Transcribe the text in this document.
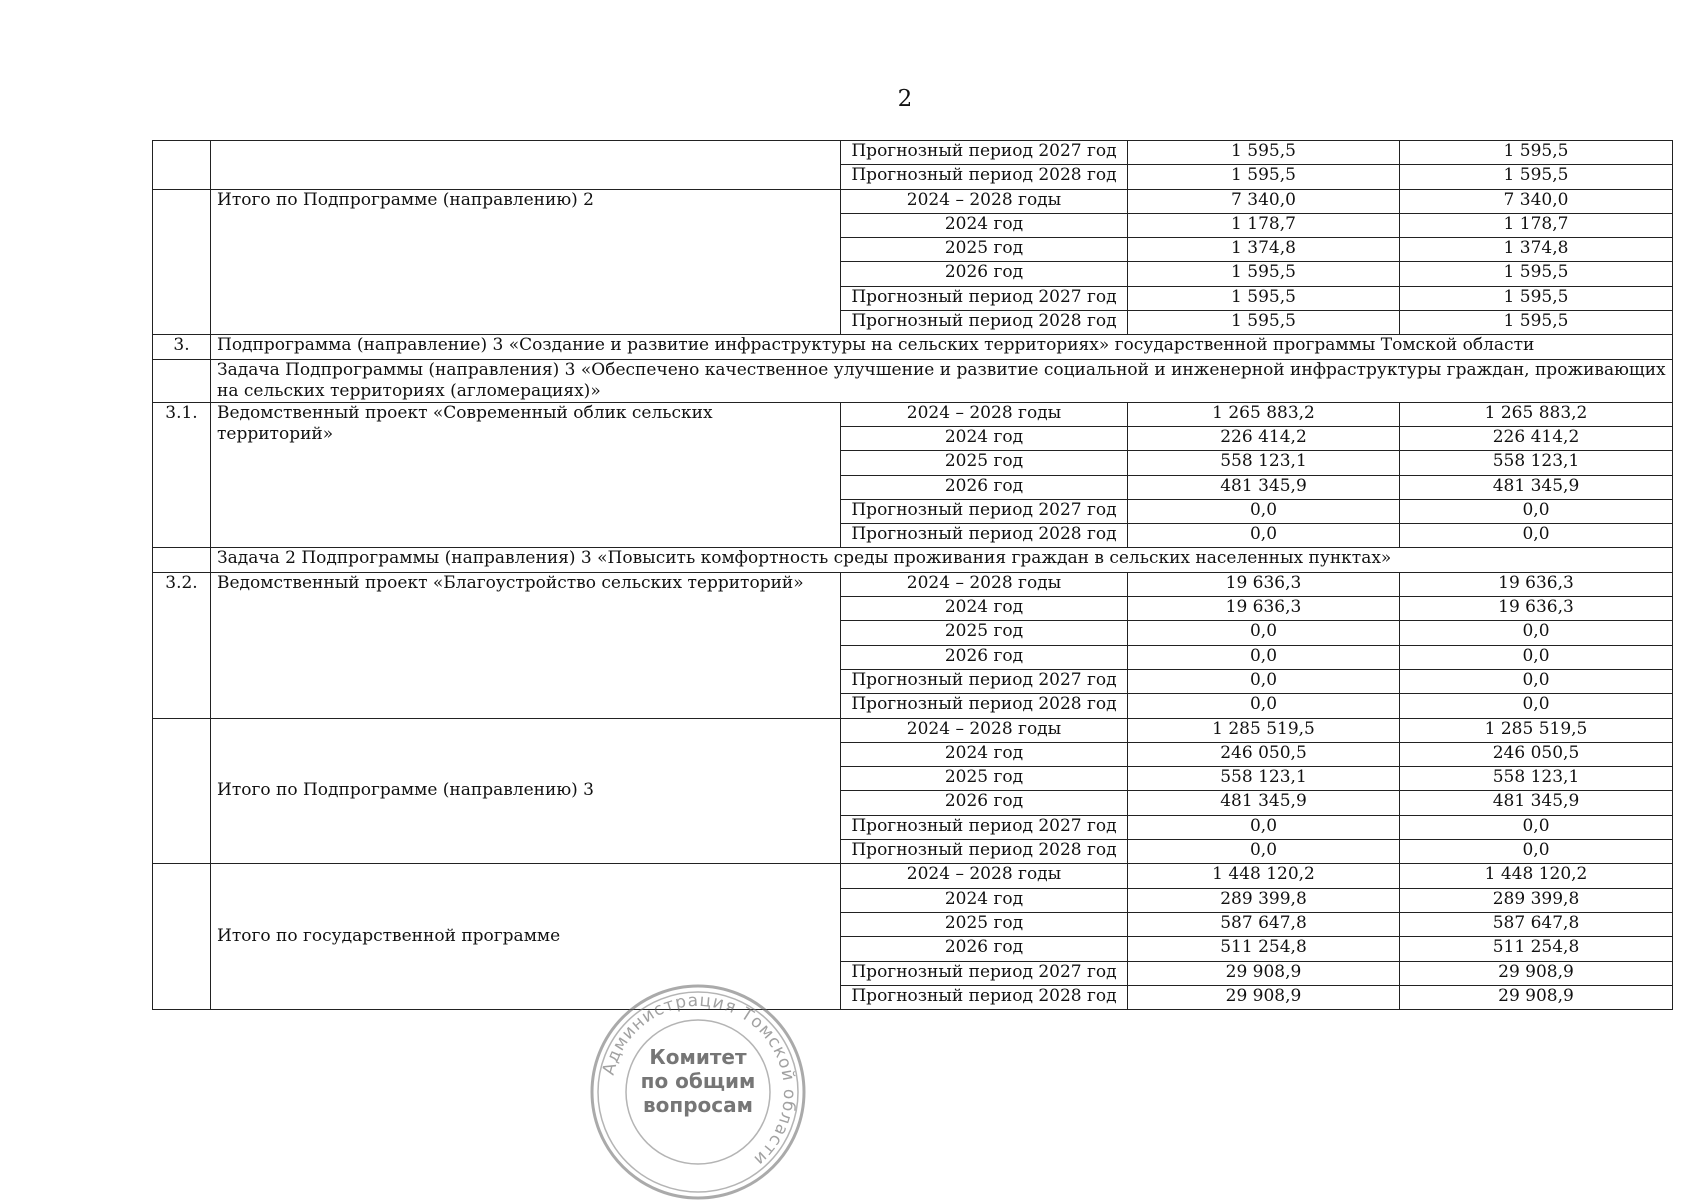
2
		Прогнозный период 2027 год	1 595,5	1 595,5
		Прогнозный период 2028 год	1 595,5	1 595,5
	Итого по Подпрограмме (направлению) 2	2024 – 2028 годы	7 340,0	7 340,0
		2024 год	1 178,7	1 178,7
		2025 год	1 374,8	1 374,8
		2026 год	1 595,5	1 595,5
		Прогнозный период 2027 год	1 595,5	1 595,5
		Прогнозный период 2028 год	1 595,5	1 595,5
3.	Подпрограмма (направление) 3 «Создание и развитие инфраструктуры на сельских территориях» государственной программы Томской области			
	Задача Подпрограммы (направления) 3 «Обеспечено качественное улучшение и развитие социальной и инженерной инфраструктуры граждан, проживающих на сельских территориях (агломерациях)»			
3.1.	Ведомственный проект «Современный облик сельских территорий»	2024 – 2028 годы	1 265 883,2	1 265 883,2
		2024 год	226 414,2	226 414,2
		2025 год	558 123,1	558 123,1
		2026 год	481 345,9	481 345,9
		Прогнозный период 2027 год	0,0	0,0
		Прогнозный период 2028 год	0,0	0,0
	Задача 2 Подпрограммы (направления) 3 «Повысить комфортность среды проживания граждан в сельских населенных пунктах»			
3.2.	Ведомственный проект «Благоустройство сельских территорий»	2024 – 2028 годы	19 636,3	19 636,3
		2024 год	19 636,3	19 636,3
		2025 год	0,0	0,0
		2026 год	0,0	0,0
		Прогнозный период 2027 год	0,0	0,0
		Прогнозный период 2028 год	0,0	0,0
	Итого по Подпрограмме (направлению) 3	2024 – 2028 годы	1 285 519,5	1 285 519,5
		2024 год	246 050,5	246 050,5
		2025 год	558 123,1	558 123,1
		2026 год	481 345,9	481 345,9
		Прогнозный период 2027 год	0,0	0,0
		Прогнозный период 2028 год	0,0	0,0
	Итого по государственной программе	2024 – 2028 годы	1 448 120,2	1 448 120,2
		2024 год	289 399,8	289 399,8
		2025 год	587 647,8	587 647,8
		2026 год	511 254,8	511 254,8
		Прогнозный период 2027 год	29 908,9	29 908,9
		Прогнозный период 2028 год	29 908,9	29 908,9
Администрация Томской области
Комитет
по общим
вопросам
